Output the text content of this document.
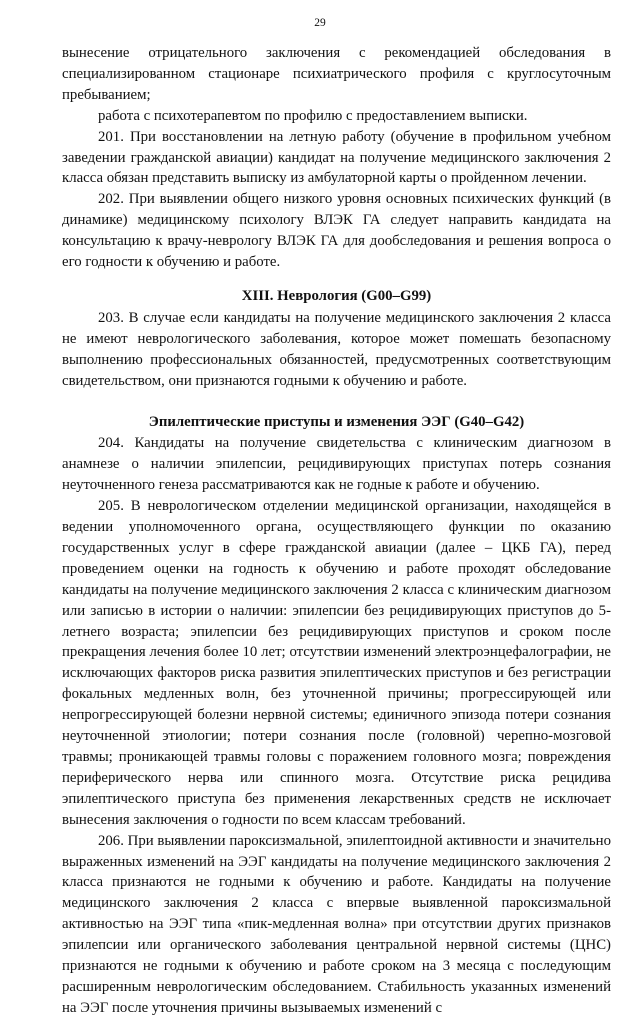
29

вынесение отрицательного заключения с рекомендацией обследования в специализированном стационаре психиатрического профиля с круглосуточным пребыванием;

работа с психотерапевтом по профилю с предоставлением выписки.

201. При восстановлении на летную работу (обучение в профильном учебном заведении гражданской авиации) кандидат на получение медицинского заключения 2 класса обязан представить выписку из амбулаторной карты о пройденном лечении.

202. При выявлении общего низкого уровня основных психических функций (в динамике) медицинскому психологу ВЛЭК ГА следует направить кандидата на консультацию к врачу-неврологу ВЛЭК ГА для дообследования и решения вопроса о его годности к обучению и работе.

XIII. Неврология (G00–G99)

203. В случае если кандидаты на получение медицинского заключения 2 класса не имеют неврологического заболевания, которое может помешать безопасному выполнению профессиональных обязанностей, предусмотренных соответствующим свидетельством, они признаются годными к обучению и работе.

Эпилептические приступы и изменения ЭЭГ (G40–G42)

204. Кандидаты на получение свидетельства с клиническим диагнозом в анамнезе о наличии эпилепсии, рецидивирующих приступах потерь сознания неуточненного генеза рассматриваются как не годные к работе и обучению.

205. В неврологическом отделении медицинской организации, находящейся в ведении уполномоченного органа, осуществляющего функции по оказанию государственных услуг в сфере гражданской авиации (далее – ЦКБ ГА), перед проведением оценки на годность к обучению и работе проходят обследование кандидаты на получение медицинского заключения 2 класса с клиническим диагнозом или записью в истории о наличии: эпилепсии без рецидивирующих приступов до 5-летнего возраста; эпилепсии без рецидивирующих приступов и сроком после прекращения лечения более 10 лет; отсутствии изменений электроэнцефалографии, не исключающих факторов риска развития эпилептических приступов и без регистрации фокальных медленных волн, без уточненной причины; прогрессирующей или непрогрессирующей болезни нервной системы; единичного эпизода потери сознания неуточненной этиологии; потери сознания после (головной) черепно-мозговой травмы; проникающей травмы головы с поражением головного мозга; повреждения периферического нерва или спинного мозга. Отсутствие риска рецидива эпилептического приступа без применения лекарственных средств не исключает вынесения заключения о годности по всем классам требований.

206. При выявлении пароксизмальной, эпилептоидной активности и значительно выраженных изменений на ЭЭГ кандидаты на получение медицинского заключения 2 класса признаются не годными к обучению и работе. Кандидаты на получение медицинского заключения 2 класса с впервые выявленной пароксизмальной активностью на ЭЭГ типа «пик-медленная волна» при отсутствии других признаков эпилепсии или органического заболевания центральной нервной системы (ЦНС) признаются не годными к обучению и работе сроком на 3 месяца с последующим расширенным неврологическим обследованием. Стабильность указанных изменений на ЭЭГ после уточнения причины вызываемых изменений с
